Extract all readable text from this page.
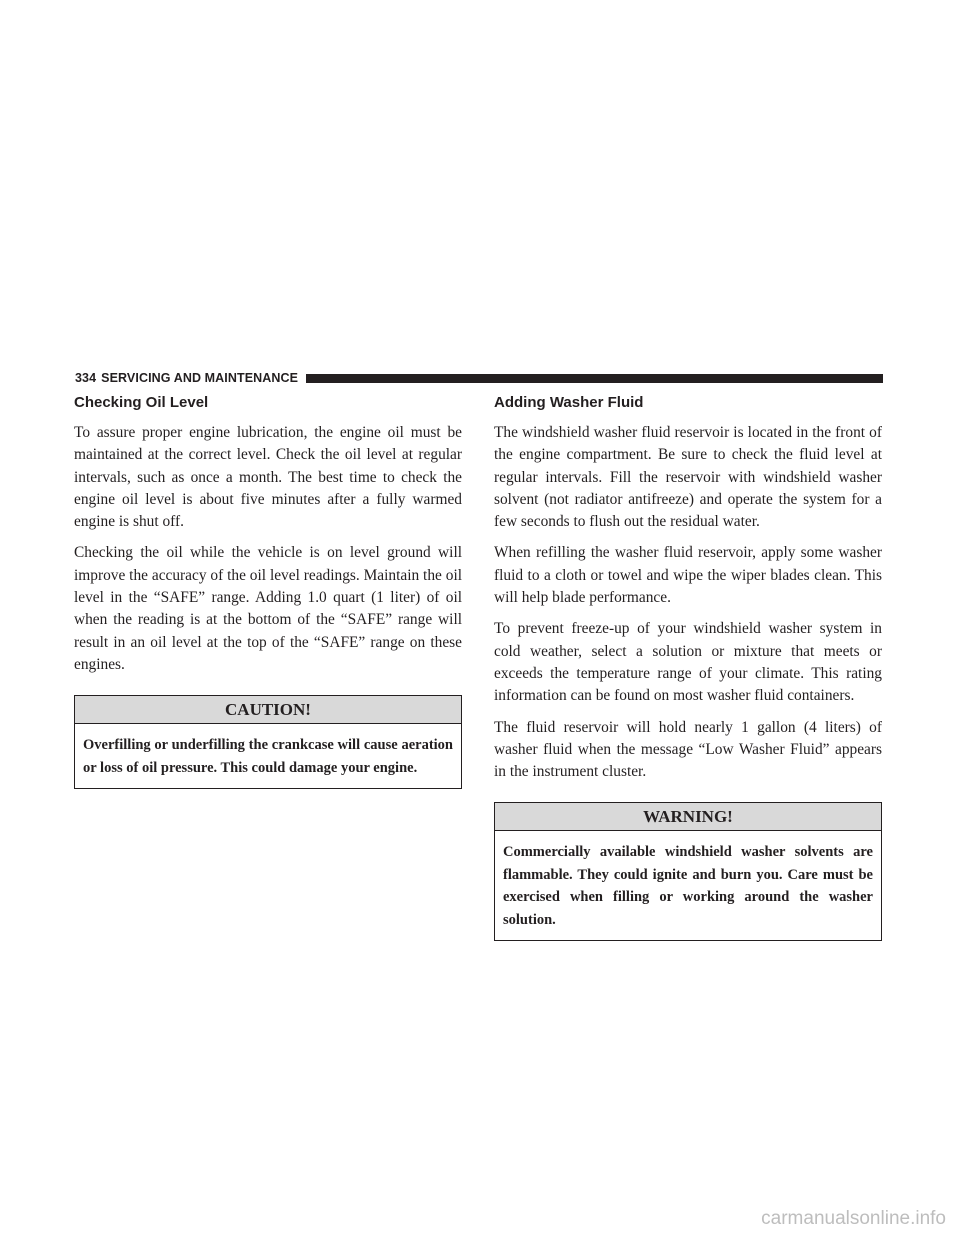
334 SERVICING AND MAINTENANCE
Checking Oil Level

To assure proper engine lubrication, the engine oil must be maintained at the correct level. Check the oil level at regular intervals, such as once a month. The best time to check the engine oil level is about five minutes after a fully warmed engine is shut off.

Checking the oil while the vehicle is on level ground will improve the accuracy of the oil level readings. Maintain the oil level in the “SAFE” range. Adding 1.0 quart (1 liter) of oil when the reading is at the bottom of the “SAFE” range will result in an oil level at the top of the “SAFE” range on these engines.

CAUTION!
Overfilling or underfilling the crankcase will cause aeration or loss of oil pressure. This could damage your engine.
Adding Washer Fluid

The windshield washer fluid reservoir is located in the front of the engine compartment. Be sure to check the fluid level at regular intervals. Fill the reservoir with windshield washer solvent (not radiator antifreeze) and operate the system for a few seconds to flush out the residual water.

When refilling the washer fluid reservoir, apply some washer fluid to a cloth or towel and wipe the wiper blades clean. This will help blade performance.

To prevent freeze-up of your windshield washer system in cold weather, select a solution or mixture that meets or exceeds the temperature range of your climate. This rating information can be found on most washer fluid containers.

The fluid reservoir will hold nearly 1 gallon (4 liters) of washer fluid when the message “Low Washer Fluid” appears in the instrument cluster.

WARNING!
Commercially available windshield washer solvents are flammable. They could ignite and burn you. Care must be exercised when filling or working around the washer solution.
carmanualsonline.info
